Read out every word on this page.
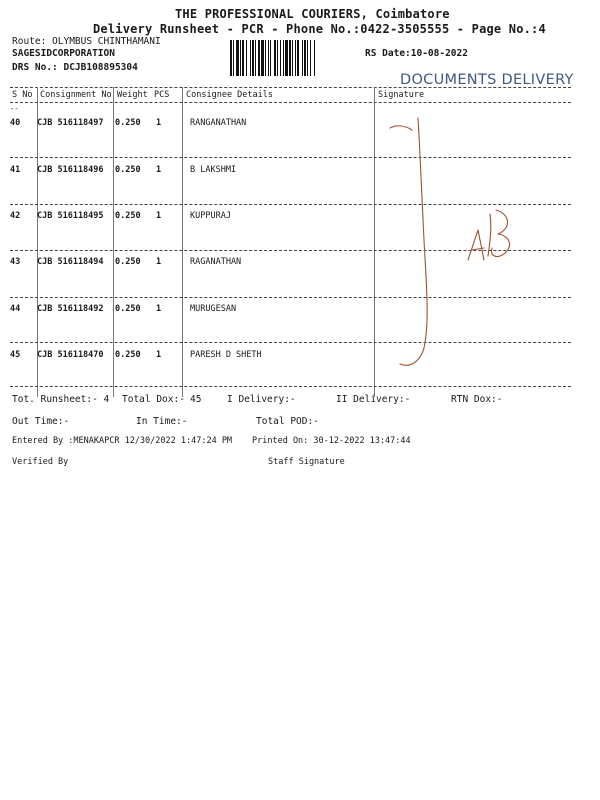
THE PROFESSIONAL COURIERS, Coimbatore
Delivery Runsheet - PCR - Phone No.:0422-3505555 - Page No.:4
Route: OLYMBUS CHINTHAMANI
SAGES​IDCORPORATION
DRS No.: DCJB108895304
RS Date:10-08-2022
DOCUMENTS DELIVERY
S No Consignment No Weight PCS Consignee Details	Signature
--
40 CJB 516118497 0.250 1	RANGANATHAN
41 CJB 516118496 0.250 1	B LAKSHMI
42 CJB 516118495 0.250 1	KUPPURAJ
43 CJB 516118494 0.250 1	RAGANATHAN
44 CJB 516118492 0.250 1	MURUGESAN
45 CJB 516118470 0.250 1	PARESH D SHETH
Tot. Runsheet:- 4 Total Dox:- 45	I Delivery:-	II Delivery:-	RTN Dox:-
Out Time:-	In Time:-	Total POD:-
Entered By :MENAKAPCR 12/30/2022 1:47:24 PM Printed On: 30-12-2022 13:47:44
Verified By	Staff Signature
